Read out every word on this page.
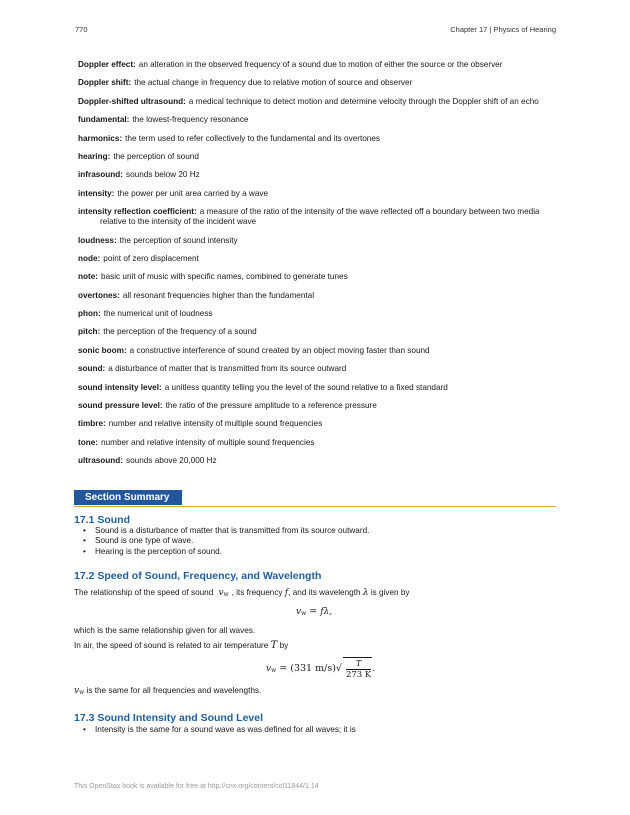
770	Chapter 17 | Physics of Hearing
Doppler effect: an alteration in the observed frequency of a sound due to motion of either the source or the observer
Doppler shift: the actual change in frequency due to relative motion of source and observer
Doppler-shifted ultrasound: a medical technique to detect motion and determine velocity through the Doppler shift of an echo
fundamental: the lowest-frequency resonance
harmonics: the term used to refer collectively to the fundamental and its overtones
hearing: the perception of sound
infrasound: sounds below 20 Hz
intensity: the power per unit area carried by a wave
intensity reflection coefficient: a measure of the ratio of the intensity of the wave reflected off a boundary between two media relative to the intensity of the incident wave
loudness: the perception of sound intensity
node: point of zero displacement
note: basic unit of music with specific names, combined to generate tunes
overtones: all resonant frequencies higher than the fundamental
phon: the numerical unit of loudness
pitch: the perception of the frequency of a sound
sonic boom: a constructive interference of sound created by an object moving faster than sound
sound: a disturbance of matter that is transmitted from its source outward
sound intensity level: a unitless quantity telling you the level of the sound relative to a fixed standard
sound pressure level: the ratio of the pressure amplitude to a reference pressure
timbre: number and relative intensity of multiple sound frequencies
tone: number and relative intensity of multiple sound frequencies
ultrasound: sounds above 20,000 Hz
Section Summary
17.1 Sound
• Sound is a disturbance of matter that is transmitted from its source outward.
• Sound is one type of wave.
• Hearing is the perception of sound.
17.2 Speed of Sound, Frequency, and Wavelength
The relationship of the speed of sound $v_w$ , its frequency f, and its wavelength λ is given by
$v_w = f\lambda$,
which is the same relationship given for all waves.
In air, the speed of sound is related to air temperature T by
$v_w = (331$ $m/s)√ \frac{T}{273 K}$ .
$v_w$ is the same for all frequencies and wavelengths.
17.3 Sound Intensity and Sound Level
• Intensity is the same for a sound wave as was defined for all waves; it is
This OpenStax book is available for free at http://cnx.org/content/col11844/1.14
